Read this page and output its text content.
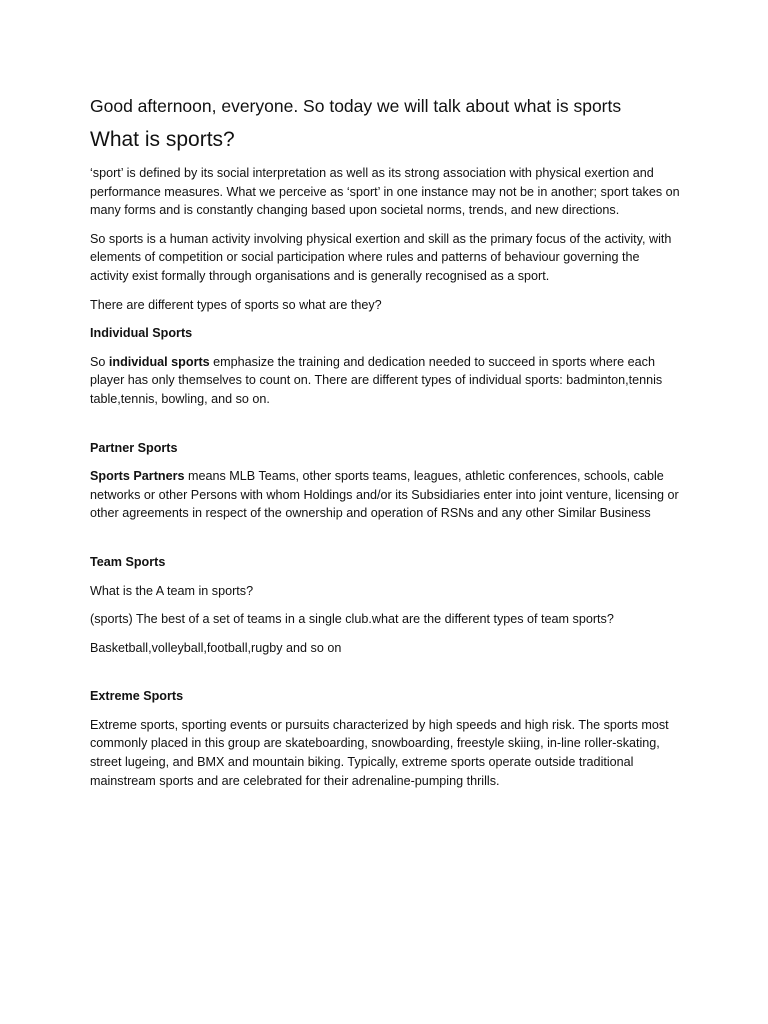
Good afternoon, everyone. So today we will talk about what is sports
What is sports?

‘sport’ is defined by its social interpretation as well as its strong association with physical exertion and performance measures. What we perceive as ‘sport’ in one instance may not be in another; sport takes on many forms and is constantly changing based upon societal norms, trends, and new directions.

So sports is a human activity involving physical exertion and skill as the primary focus of the activity, with elements of competition or social participation where rules and patterns of behaviour governing the activity exist formally through organisations and is generally recognised as a sport.

There are different types of sports so what are they?

Individual Sports

So individual sports emphasize the training and dedication needed to succeed in sports where each player has only themselves to count on. There are different types of individual sports: badminton,tennis table,tennis, bowling, and so on.

Partner Sports

Sports Partners means MLB Teams, other sports teams, leagues, athletic conferences, schools, cable networks or other Persons with whom Holdings and/or its Subsidiaries enter into joint venture, licensing or other agreements in respect of the ownership and operation of RSNs and any other Similar Business

Team Sports

What is the A team in sports?

(sports) The best of a set of teams in a single club.what are the different types of team sports?

Basketball,volleyball,football,rugby and so on

Extreme Sports

Extreme sports, sporting events or pursuits characterized by high speeds and high risk. The sports most commonly placed in this group are skateboarding, snowboarding, freestyle skiing, in-line roller-skating, street lugeing, and BMX and mountain biking. Typically, extreme sports operate outside traditional mainstream sports and are celebrated for their adrenaline-pumping thrills.
